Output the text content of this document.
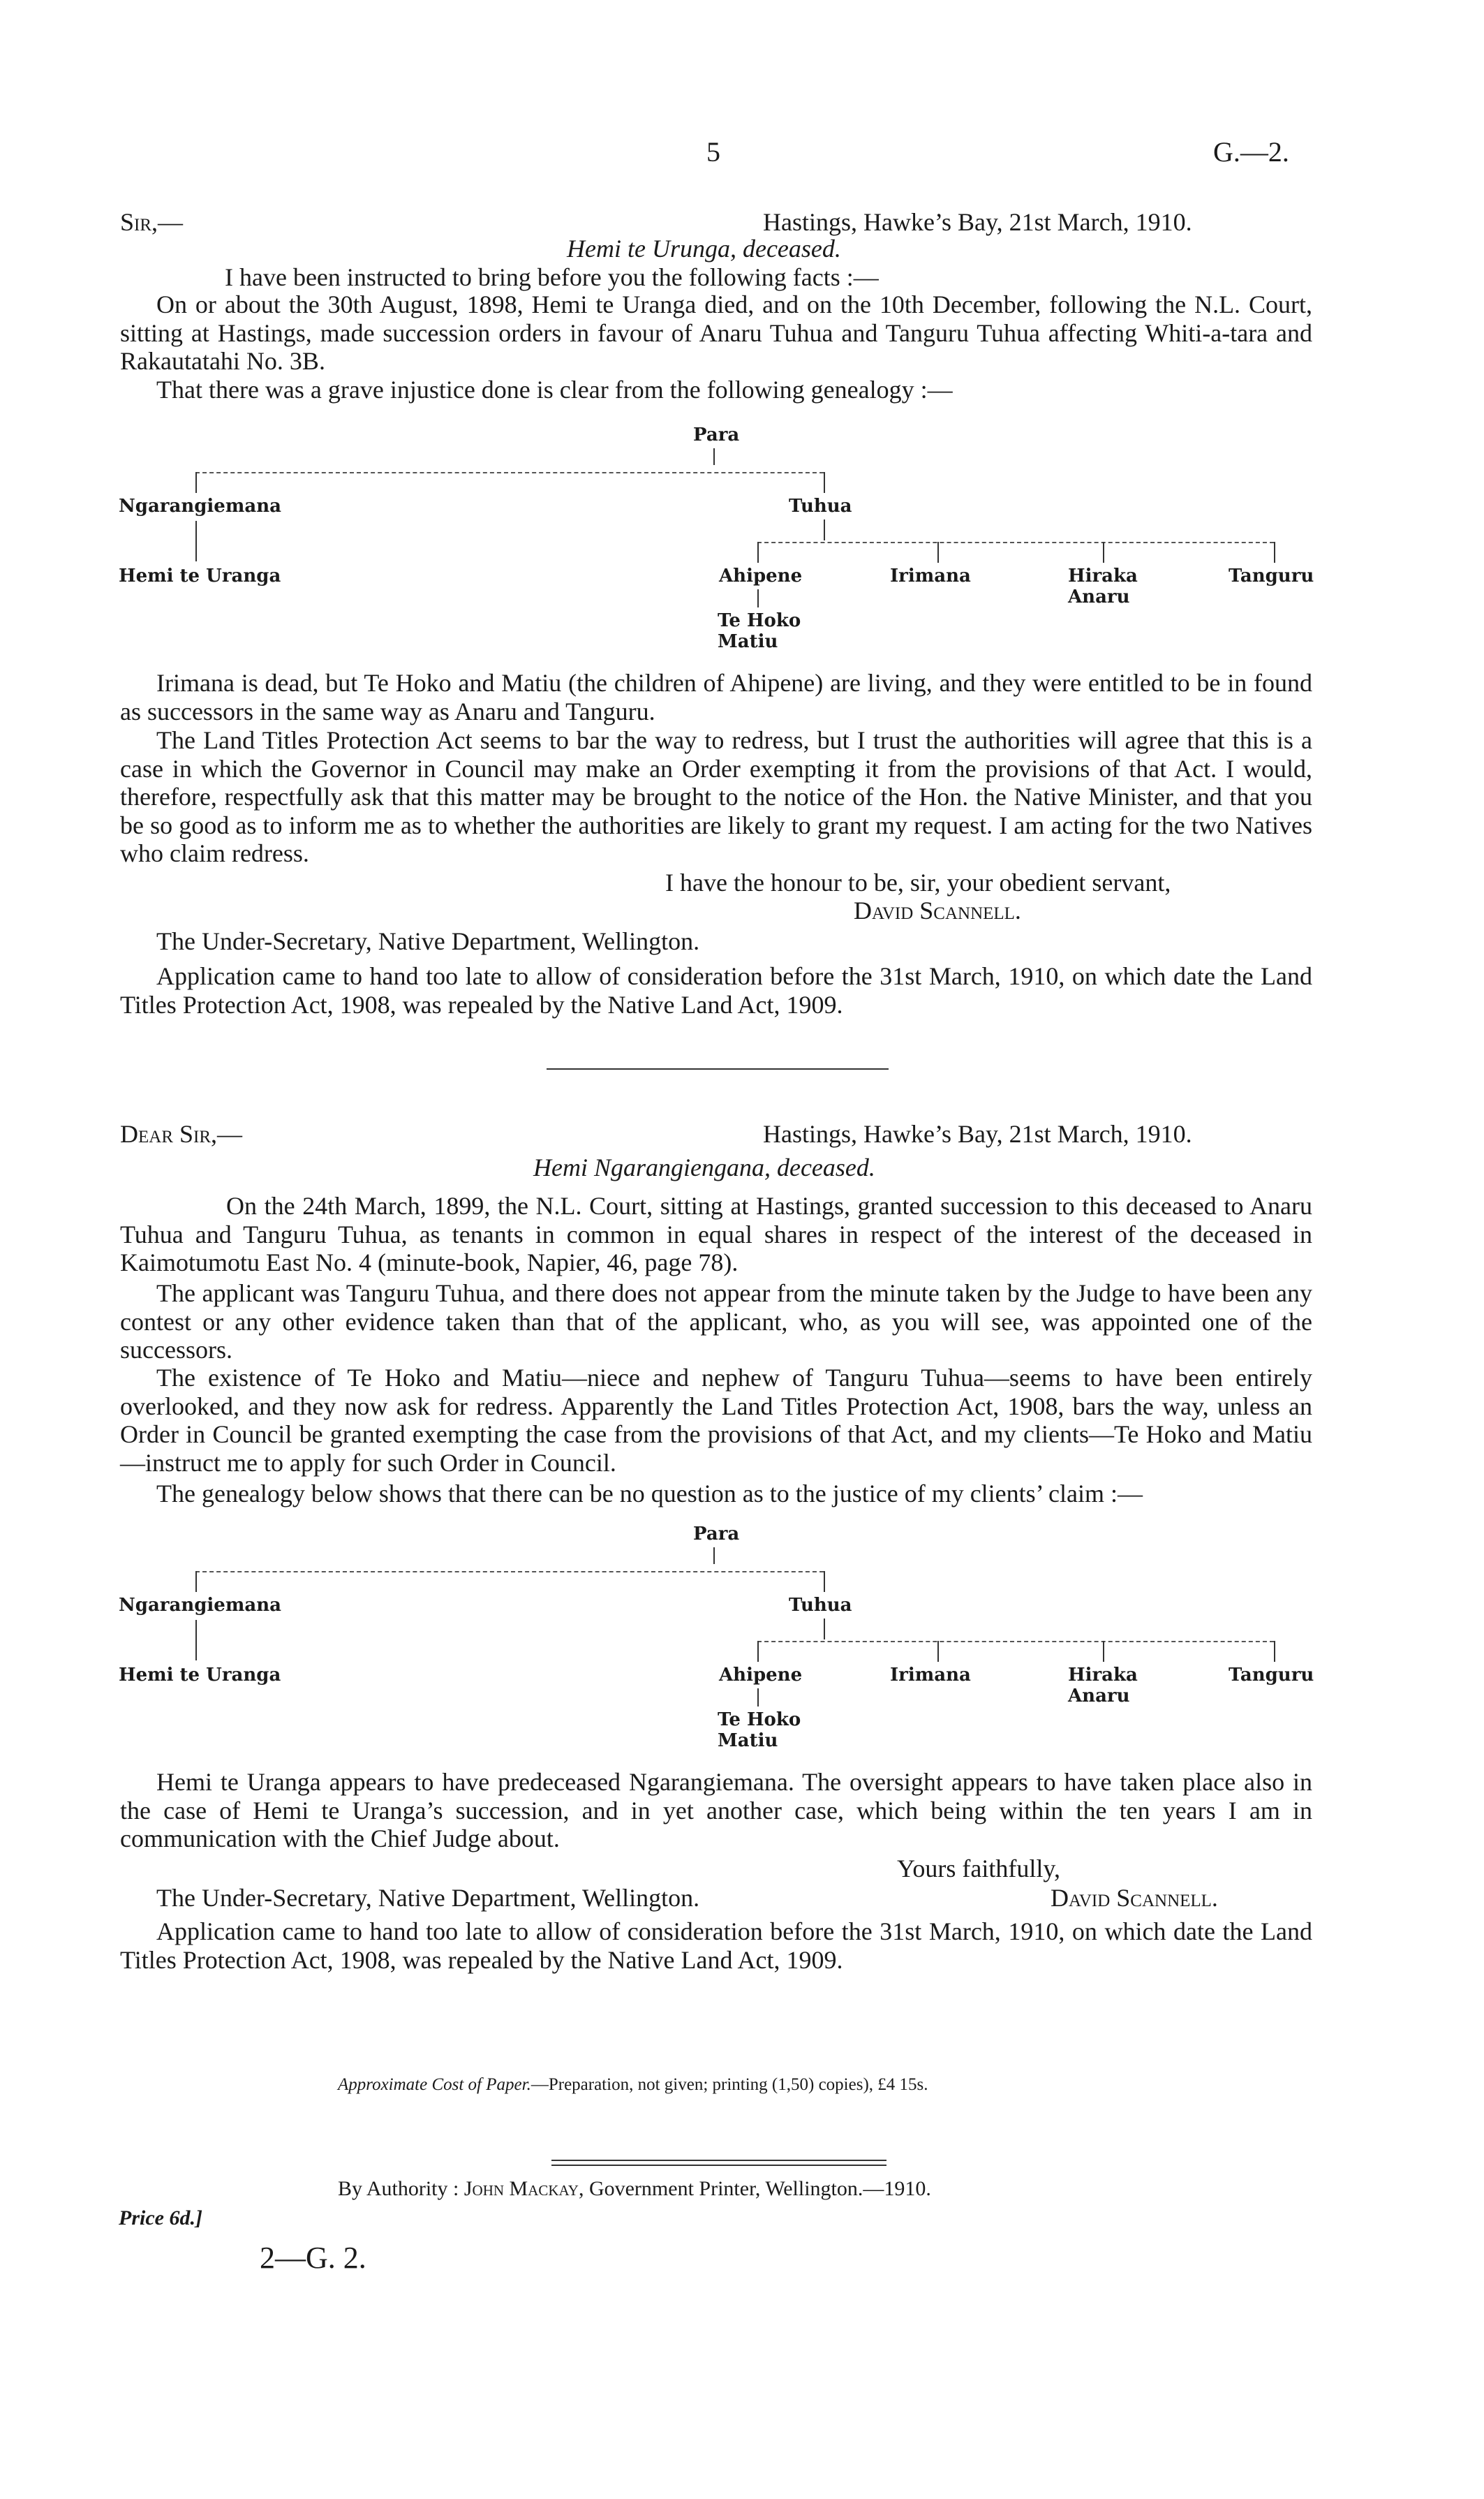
5	G.—2.
Sir,—	Hastings, Hawke’s Bay, 21st March, 1910.
Hemi te Urunga, deceased.
I have been instructed to bring before you the following facts :—
On or about the 30th August, 1898, Hemi te Uranga died, and on the 10th December, following the N.L. Court, sitting at Hastings, made succession orders in favour of Anaru Tuhua and Tanguru Tuhua affecting Whiti-a-tara and Rakautatahi No. 3B.
That there was a grave injustice done is clear from the following genealogy :—
Para
Ngarangiemana	Tuhua
Hemi te Uranga	Ahipene	Irimana	Hiraka
Anaru
Tanguru
Te Hoko
Matiu
Irimana is dead, but Te Hoko and Matiu (the children of Ahipene) are living, and they were entitled to be in found as successors in the same way as Anaru and Tanguru.
The Land Titles Protection Act seems to bar the way to redress, but I trust the authorities will agree that this is a case in which the Governor in Council may make an Order exempting it from the provisions of that Act. I would, therefore, respectfully ask that this matter may be brought to the notice of the Hon. the Native Minister, and that you be so good as to inform me as to whether the authorities are likely to grant my request. I am acting for the two Natives who claim redress.
I have the honour to be, sir, your obedient servant,
David Scannell.
The Under-Secretary, Native Department, Wellington.
Application came to hand too late to allow of consideration before the 31st March, 1910, on which date the Land Titles Protection Act, 1908, was repealed by the Native Land Act, 1909.
Dear Sir,—	Hastings, Hawke’s Bay, 21st March, 1910.
Hemi Ngarangiengana, deceased.
On the 24th March, 1899, the N.L. Court, sitting at Hastings, granted succession to this deceased to Anaru Tuhua and Tanguru Tuhua, as tenants in common in equal shares in respect of the interest of the deceased in Kaimotumotu East No. 4 (minute-book, Napier, 46, page 78).
The applicant was Tanguru Tuhua, and there does not appear from the minute taken by the Judge to have been any contest or any other evidence taken than that of the applicant, who, as you will see, was appointed one of the successors.
The existence of Te Hoko and Matiu—niece and nephew of Tanguru Tuhua—seems to have been entirely overlooked, and they now ask for redress. Apparently the Land Titles Protection Act, 1908, bars the way, unless an Order in Council be granted exempting the case from the provisions of that Act, and my clients—Te Hoko and Matiu—instruct me to apply for such Order in Council.
The genealogy below shows that there can be no question as to the justice of my clients’ claim :—
Para
Ngarangiemana	Tuhua
Hemi te Uranga	Ahipene	Irimana	Hiraka
Anaru
Tanguru
Te Hoko
Matiu
Hemi te Uranga appears to have predeceased Ngarangiemana. The oversight appears to have taken place also in the case of Hemi te Uranga’s succession, and in yet another case, which being within the ten years I am in communication with the Chief Judge about.
Yours faithfully,
The Under-Secretary, Native Department, Wellington.	David Scannell.
Application came to hand too late to allow of consideration before the 31st March, 1910, on which date the Land Titles Protection Act, 1908, was repealed by the Native Land Act, 1909.
Approximate Cost of Paper.—Preparation, not given; printing (1,50) copies), £4 15s.
By Authority : John Mackay, Government Printer, Wellington.—1910.
Price 6d.]
2—G. 2.
